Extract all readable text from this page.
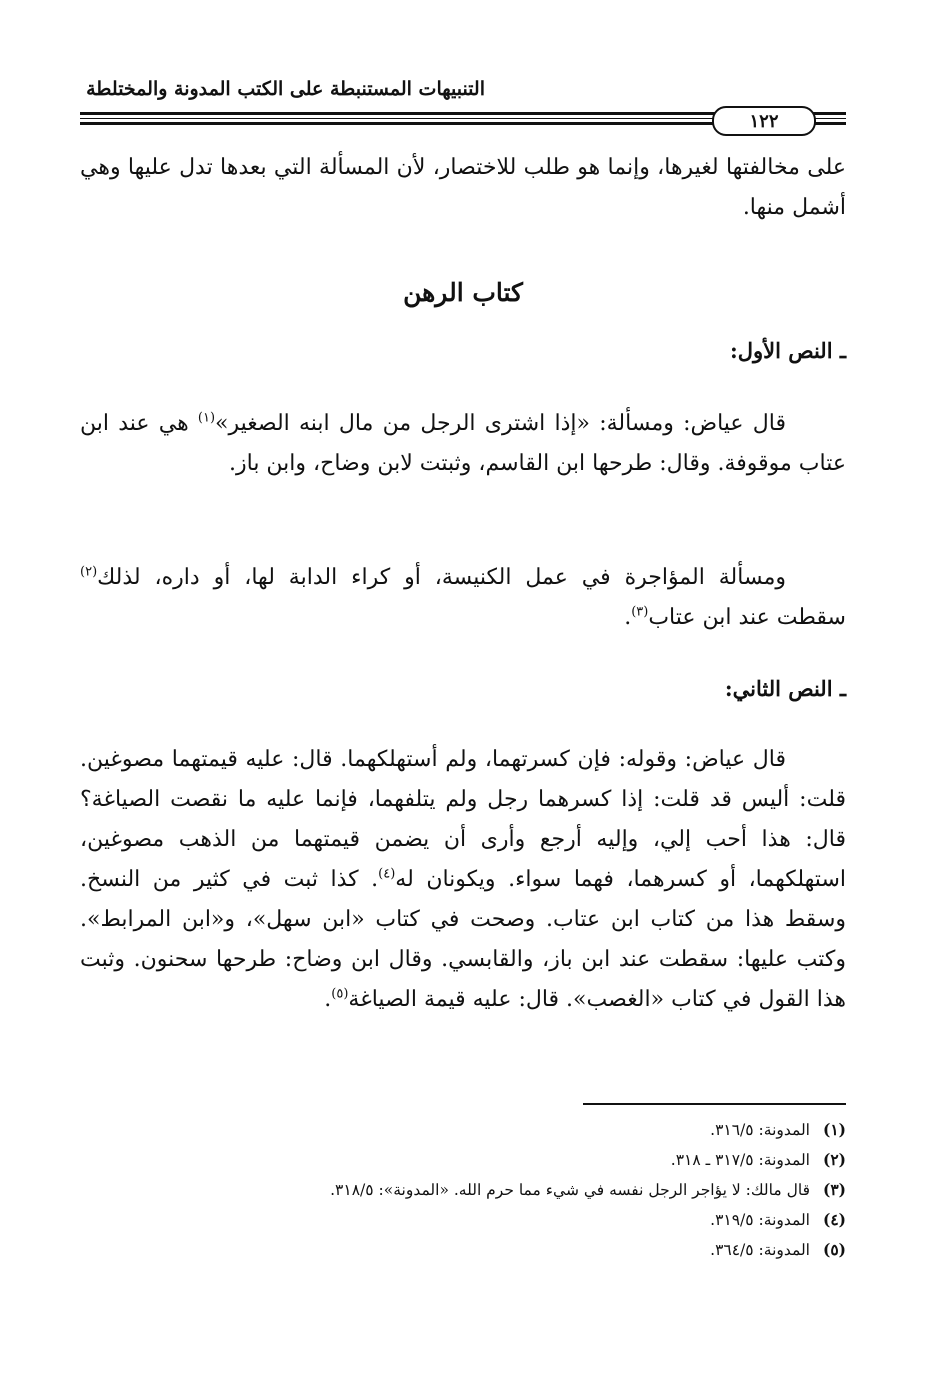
التنبيهات المستنبطة على الكتب المدونة والمختلطة
١٢٢
على مخالفتها لغيرها، وإنما هو طلب للاختصار، لأن المسألة التي بعدها تدل عليها وهي أشمل منها.
كتاب الرهن
ـ النص الأول:
قال عياض: ومسألة: «إذا اشترى الرجل من مال ابنه الصغير»$^{(١)}$ هي عند ابن عتاب موقوفة. وقال: طرحها ابن القاسم، وثبتت لابن وضاح، وابن باز.
ومسألة المؤاجرة في عمل الكنيسة، أو كراء الدابة لها، أو داره، لذلك$^{(٢)}$ سقطت عند ابن عتاب$^{(٣)}$.
ـ النص الثاني:
قال عياض: وقوله: فإن كسرتهما، ولم أستهلكهما. قال: عليه قيمتهما مصوغين. قلت: أليس قد قلت: إذا كسرهما رجل ولم يتلفهما، فإنما عليه ما نقصت الصياغة؟ قال: هذا أحب إلي، وإليه أرجع وأرى أن يضمن قيمتهما من الذهب مصوغين، استهلكهما، أو كسرهما، فهما سواء. ويكونان له$^{(٤)}$. كذا ثبت في كثير من النسخ. وسقط هذا من كتاب ابن عتاب. وصحت في كتاب «ابن سهل»، و«ابن المرابط». وكتب عليها: سقطت عند ابن باز، والقابسي. وقال ابن وضاح: طرحها سحنون. وثبت هذا القول في كتاب «الغصب». قال: عليه قيمة الصياغة$^{(٥)}$.
(١)المدونة: ٣١٦/٥.
(٢)المدونة: ٣١٧/٥ ـ ٣١٨.
(٣)قال مالك: لا يؤاجر الرجل نفسه في شيء مما حرم الله. «المدونة»: ٣١٨/٥.
(٤)المدونة: ٣١٩/٥.
(٥)المدونة: ٣٦٤/٥.
